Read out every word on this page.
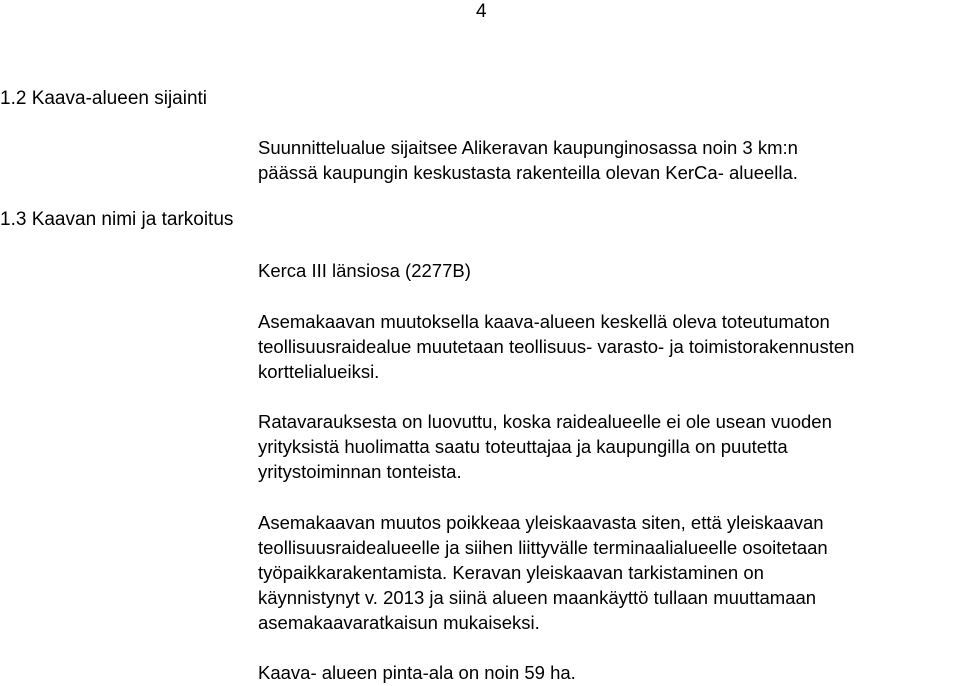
4
1.2 Kaava-alueen sijainti
Suunnittelualue sijaitsee Alikeravan kaupunginosassa noin 3 km:n
päässä kaupungin keskustasta rakenteilla olevan KerCa- alueella.
1.3 Kaavan nimi ja tarkoitus
Kerca III länsiosa (2277B)
Asemakaavan muutoksella kaava-alueen keskellä oleva toteutumaton
teollisuusraidealue muutetaan teollisuus- varasto- ja toimistorakennusten
korttelialueiksi.
Ratavarauksesta on luovuttu, koska raidealueelle ei ole usean vuoden
yrityksistä huolimatta saatu toteuttajaa ja kaupungilla on puutetta
yritystoiminnan tonteista.
Asemakaavan muutos poikkeaa yleiskaavasta siten, että yleiskaavan
teollisuusraidealueelle ja siihen liittyvälle terminaalialueelle osoitetaan
työpaikkarakentamista. Keravan yleiskaavan tarkistaminen on
käynnistynyt v. 2013 ja siinä alueen maankäyttö tullaan muuttamaan
asemakaavaratkaisun mukaiseksi.
Kaava- alueen pinta-ala on noin 59 ha.
